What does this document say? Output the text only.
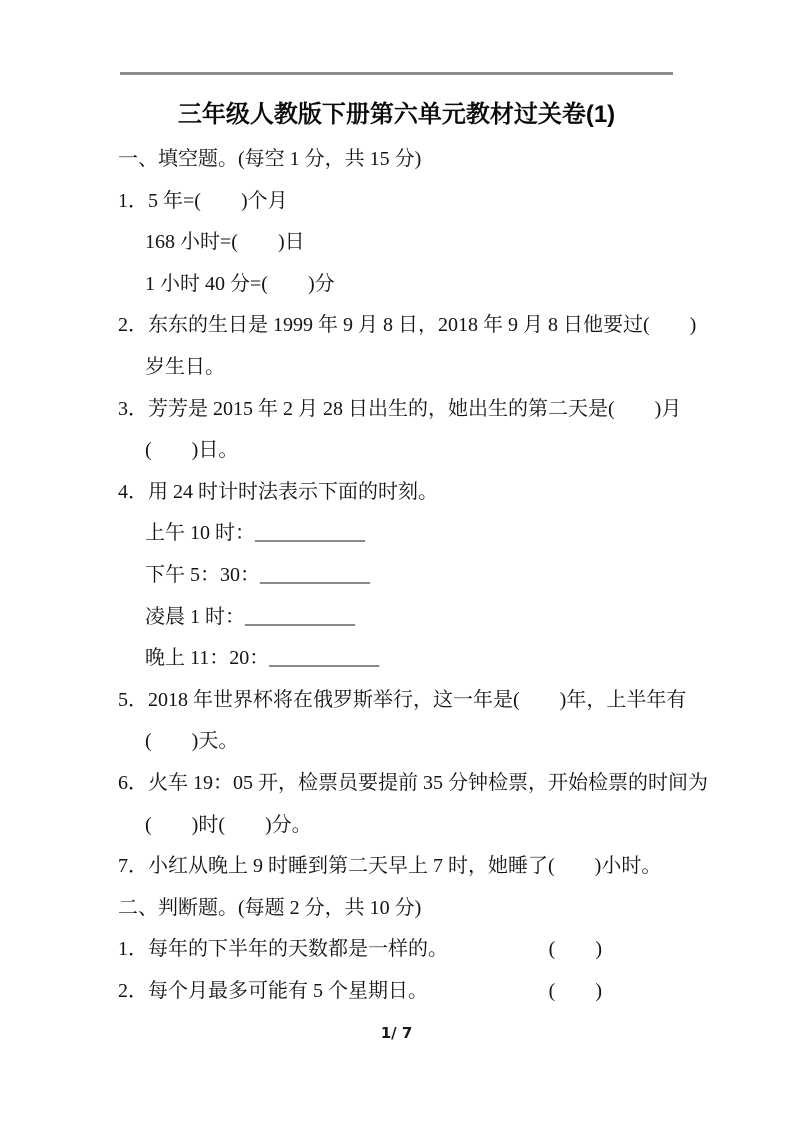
三年级人教版下册第六单元教材过关卷(1)
一、填空题。(每空 1 分，共 15 分)
1．5 年=(　　)个月
168 小时=(　　)日
1 小时 40 分=(　　)分
2．东东的生日是 1999 年 9 月 8 日，2018 年 9 月 8 日他要过(　　)
岁生日。
3．芳芳是 2015 年 2 月 28 日出生的，她出生的第二天是(　　)月
(　　)日。
4．用 24 时计时法表示下面的时刻。
上午 10 时：___________
下午 5：30：___________
凌晨 1 时：___________
晚上 11：20：___________
5．2018 年世界杯将在俄罗斯举行，这一年是(　　)年，上半年有
(　　)天。
6．火车 19：05 开，检票员要提前 35 分钟检票，开始检票的时间为
(　　)时(　　)分。
7．小红从晚上 9 时睡到第二天早上 7 时，她睡了(　　)小时。
二、判断题。(每题 2 分，共 10 分)
1．每年的下半年的天数都是一样的。	(　　)
2．每个月最多可能有 5 个星期日。	(　　)
1/ 7
